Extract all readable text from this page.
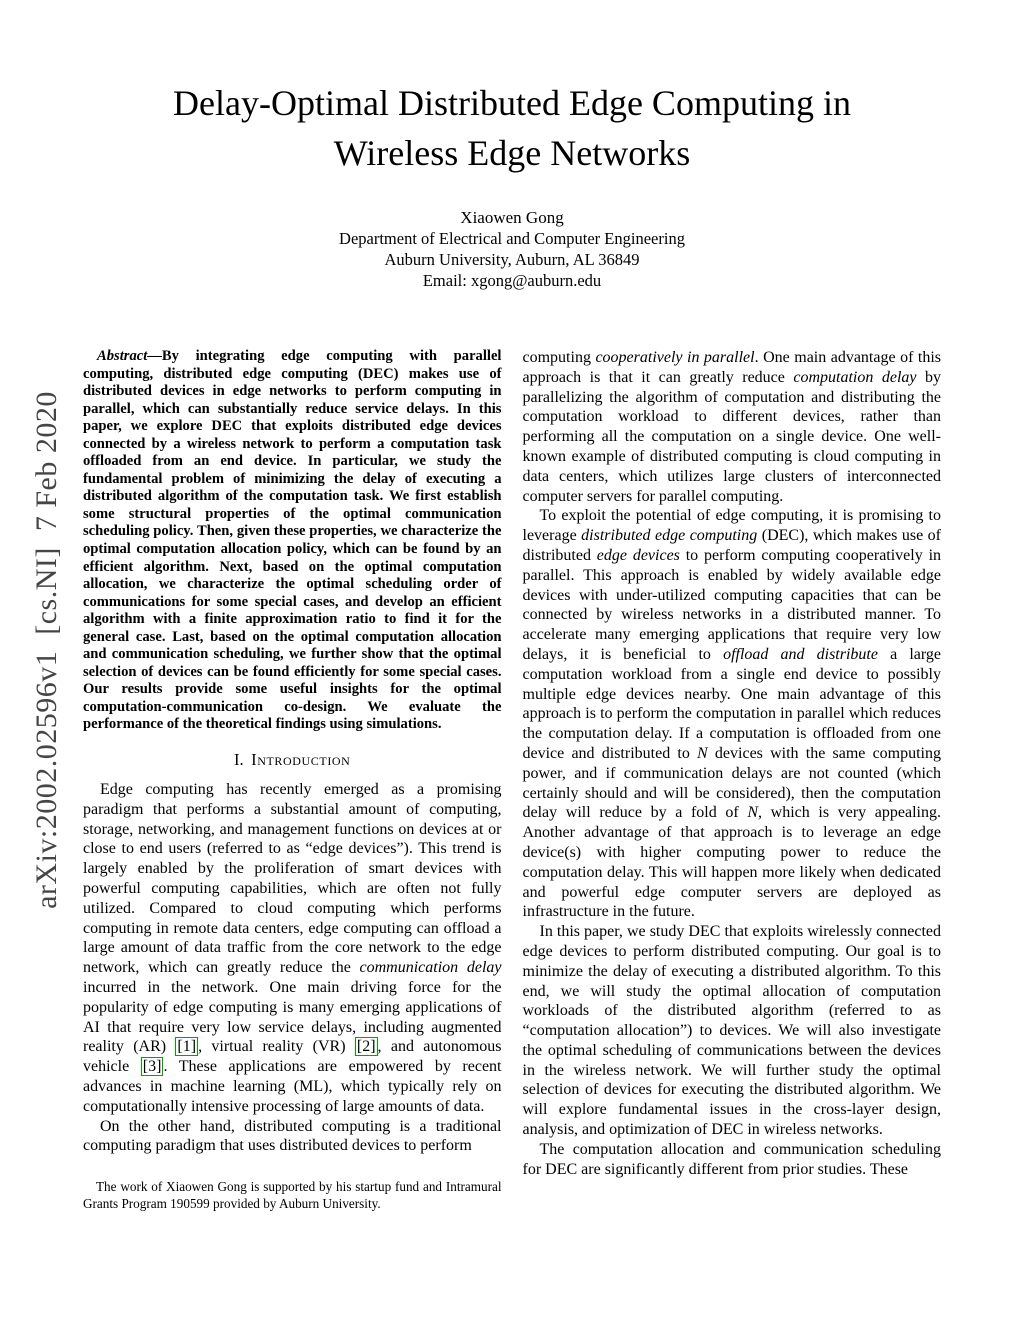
arXiv:2002.02596v1  [cs.NI]  7 Feb 2020
Delay-Optimal Distributed Edge Computing in
Wireless Edge Networks
Xiaowen Gong
Department of Electrical and Computer Engineering
Auburn University, Auburn, AL 36849
Email: xgong@auburn.edu

Abstract—By integrating edge computing with parallel computing, distributed edge computing (DEC) makes use of distributed devices in edge networks to perform computing in parallel, which can substantially reduce service delays. In this paper, we explore DEC that exploits distributed edge devices connected by a wireless network to perform a computation task offloaded from an end device. In particular, we study the fundamental problem of minimizing the delay of executing a distributed algorithm of the computation task. We first establish some structural properties of the optimal communication scheduling policy. Then, given these properties, we characterize the optimal computation allocation policy, which can be found by an efficient algorithm. Next, based on the optimal computation allocation, we characterize the optimal scheduling order of communications for some special cases, and develop an efficient algorithm with a finite approximation ratio to find it for the general case. Last, based on the optimal computation allocation and communication scheduling, we further show that the optimal selection of devices can be found efficiently for some special cases. Our results provide some useful insights for the optimal computation-communication co-design. We evaluate the performance of the theoretical findings using simulations.

I. Introduction

Edge computing has recently emerged as a promising paradigm that performs a substantial amount of computing, storage, networking, and management functions on devices at or close to end users (referred to as “edge devices”). This trend is largely enabled by the proliferation of smart devices with powerful computing capabilities, which are often not fully utilized. Compared to cloud computing which performs computing in remote data centers, edge computing can offload a large amount of data traffic from the core network to the edge network, which can greatly reduce the communication delay incurred in the network. One main driving force for the popularity of edge computing is many emerging applications of AI that require very low service delays, including augmented reality (AR) [1] , virtual reality (VR) [2] , and autonomous vehicle [3] . These applications are empowered by recent advances in machine learning (ML), which typically rely on computationally intensive processing of large amounts of data.

On the other hand, distributed computing is a traditional computing paradigm that uses distributed devices to perform

The work of Xiaowen Gong is supported by his startup fund and Intramural Grants Program 190599 provided by Auburn University.

computing cooperatively in parallel. One main advantage of this approach is that it can greatly reduce computation delay by parallelizing the algorithm of computation and distributing the computation workload to different devices, rather than performing all the computation on a single device. One well-known example of distributed computing is cloud computing in data centers, which utilizes large clusters of interconnected computer servers for parallel computing.

To exploit the potential of edge computing, it is promising to leverage distributed edge computing (DEC), which makes use of distributed edge devices to perform computing cooperatively in parallel. This approach is enabled by widely available edge devices with under-utilized computing capacities that can be connected by wireless networks in a distributed manner. To accelerate many emerging applications that require very low delays, it is beneficial to offload and distribute a large computation workload from a single end device to possibly multiple edge devices nearby. One main advantage of this approach is to perform the computation in parallel which reduces the computation delay. If a computation is offloaded from one device and distributed to N devices with the same computing power, and if communication delays are not counted (which certainly should and will be considered), then the computation delay will reduce by a fold of N, which is very appealing. Another advantage of that approach is to leverage an edge device(s) with higher computing power to reduce the computation delay. This will happen more likely when dedicated and powerful edge computer servers are deployed as infrastructure in the future.

In this paper, we study DEC that exploits wirelessly connected edge devices to perform distributed computing. Our goal is to minimize the delay of executing a distributed algorithm. To this end, we will study the optimal allocation of computation workloads of the distributed algorithm (referred to as “computation allocation”) to devices. We will also investigate the optimal scheduling of communications between the devices in the wireless network. We will further study the optimal selection of devices for executing the distributed algorithm. We will explore fundamental issues in the cross-layer design, analysis, and optimization of DEC in wireless networks.

The computation allocation and communication scheduling for DEC are significantly different from prior studies. These
